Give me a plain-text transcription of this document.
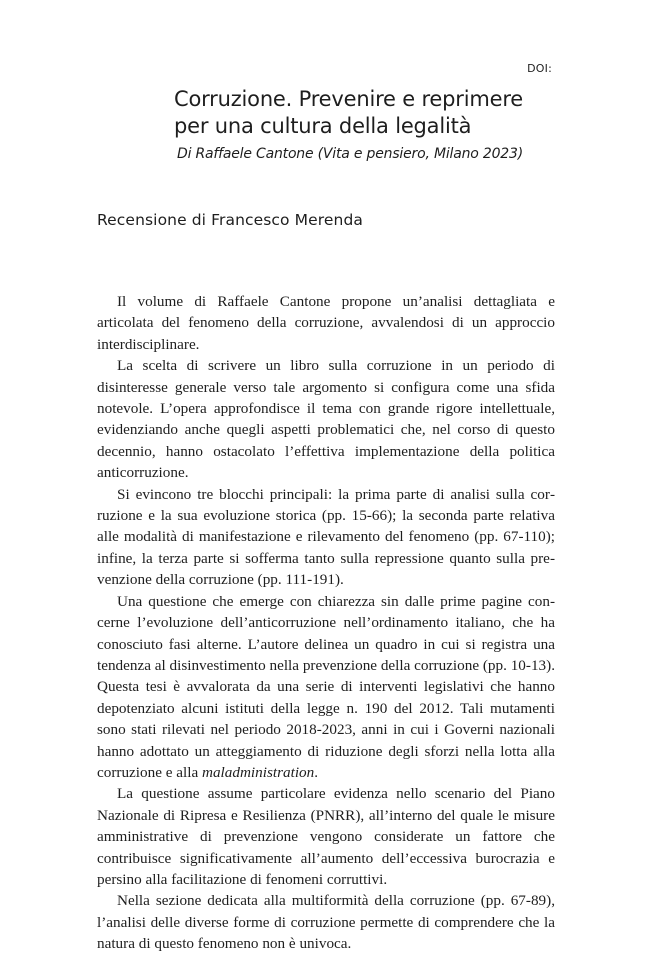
DOI:
Corruzione. Prevenire e reprimere
per una cultura della legalità
Di Raffaele Cantone (Vita e pensiero, Milano 2023)
Recensione di Francesco Merenda

Il volume di Raffaele Cantone propone un’analisi dettagliata e articolata del fenomeno della corruzione, avvalendosi di un approccio interdisciplinare.

La scelta di scrivere un libro sulla corruzione in un periodo di disinteresse generale verso tale argomento si configura come una sfida notevole. L’opera approfondisce il tema con grande rigore intellettuale, evidenziando anche quegli aspetti problematici che, nel corso di questo decennio, hanno ostacolato l’effettiva implementazione della politica anticorruzione.

Si evincono tre blocchi principali: la prima parte di analisi sulla corruzione e la sua evoluzione storica (pp. 15-66); la seconda parte relativa alle modalità di manifestazione e rilevamento del fenomeno (pp. 67-110); infine, la terza parte si sofferma tanto sulla repressione quanto sulla prevenzione della corruzione (pp. 111-191).

Una questione che emerge con chiarezza sin dalle prime pagine concerne l’evoluzione dell’anticorruzione nell’ordinamento italiano, che ha conosciuto fasi alterne. L’autore delinea un quadro in cui si registra una tendenza al disinvestimento nella prevenzione della corruzione (pp. 10-13). Questa tesi è avvalorata da una serie di interventi legislativi che hanno depotenziato alcuni istituti della legge n. 190 del 2012. Tali mutamenti sono stati rilevati nel periodo 2018-2023, anni in cui i Governi nazionali hanno adottato un atteggiamento di riduzione degli sforzi nella lotta alla corruzione e alla maladministration.

La questione assume particolare evidenza nello scenario del Piano Nazionale di Ripresa e Resilienza (PNRR), all’interno del quale le misure amministrative di prevenzione vengono considerate un fattore che contribuisce significativamente all’aumento dell’eccessiva burocrazia e persino alla facilitazione di fenomeni corruttivi.

Nella sezione dedicata alla multiformità della corruzione (pp. 67-89), l’analisi delle diverse forme di corruzione permette di comprendere che la natura di questo fenomeno non è univoca.
